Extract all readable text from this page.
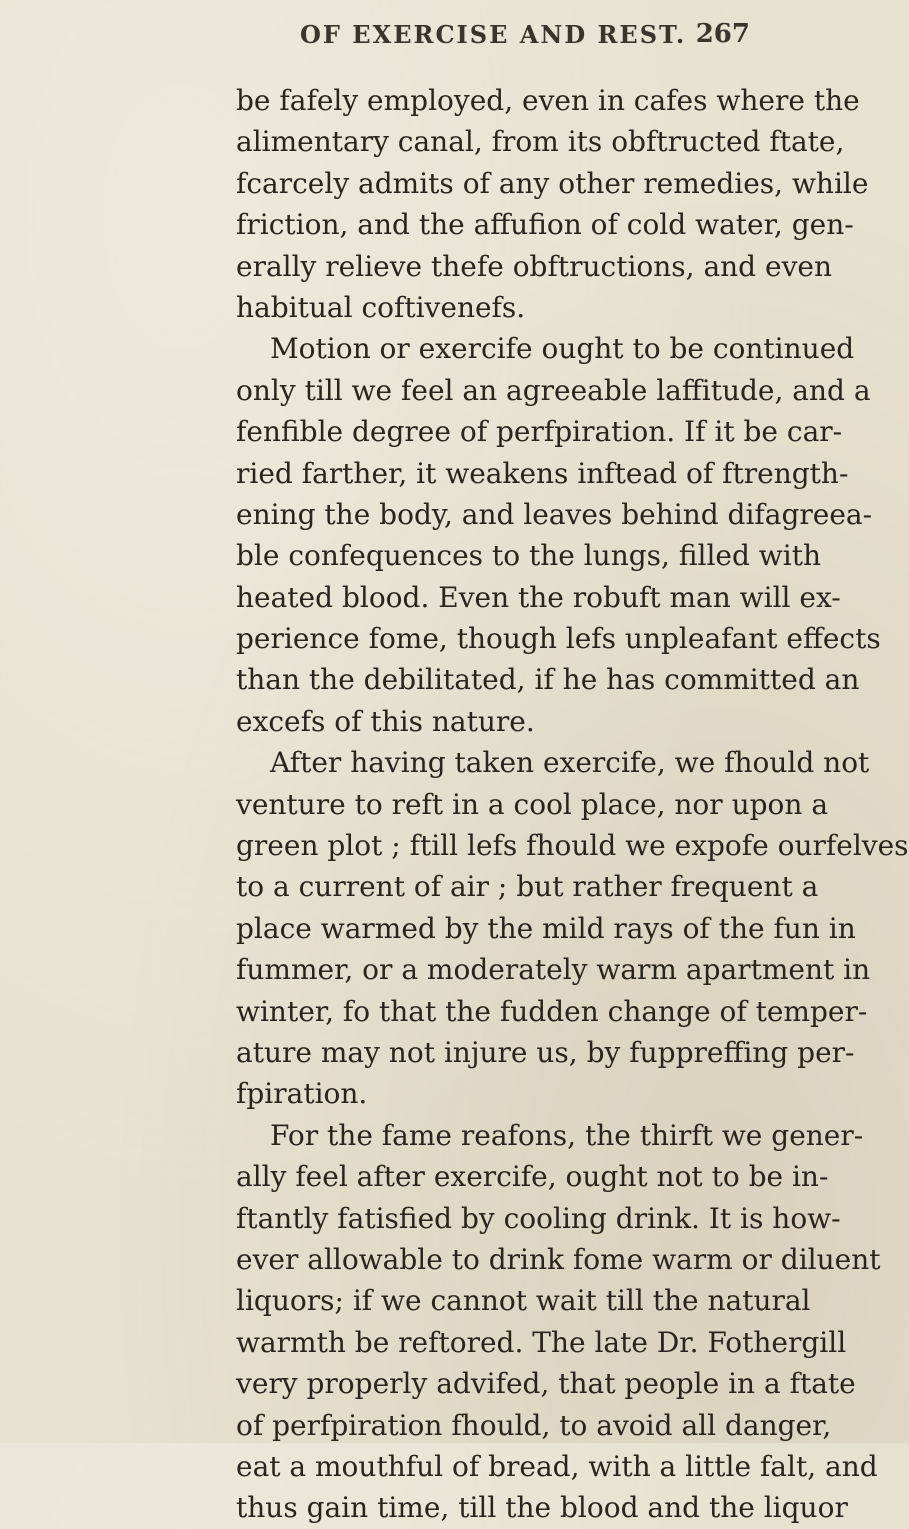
OF EXERCISE AND REST. 267
be fafely employed, even in cafes where the
alimentary canal, from its obftructed ftate,
fcarcely admits of any other remedies, while
friction, and the affufion of cold water, gen-
erally relieve thefe obftructions, and even
habitual coftivenefs.
Motion or exercife ought to be continued
only till we feel an agreeable laffitude, and a
fenfible degree of perfpiration. If it be car-
ried farther, it weakens inftead of ftrength-
ening the body, and leaves behind difagreea-
ble confequences to the lungs, filled with
heated blood. Even the robuft man will ex-
perience fome, though lefs unpleafant effects
than the debilitated, if he has committed an
excefs of this nature.
After having taken exercife, we fhould not
venture to reft in a cool place, nor upon a
green plot ; ftill lefs fhould we expofe ourfelves
to a current of air ; but rather frequent a
place warmed by the mild rays of the fun in
fummer, or a moderately warm apartment in
winter, fo that the fudden change of temper-
ature may not injure us, by fuppreffing per-
fpiration.
For the fame reafons, the thirft we gener-
ally feel after exercife, ought not to be in-
ftantly fatisfied by cooling drink. It is how-
ever allowable to drink fome warm or diluent
liquors; if we cannot wait till the natural
warmth be reftored. The late Dr. Fothergill
very properly advifed, that people in a ftate
of perfpiration fhould, to avoid all danger,
eat a mouthful of bread, with a little falt, and
thus gain time, till the blood and the liquor
